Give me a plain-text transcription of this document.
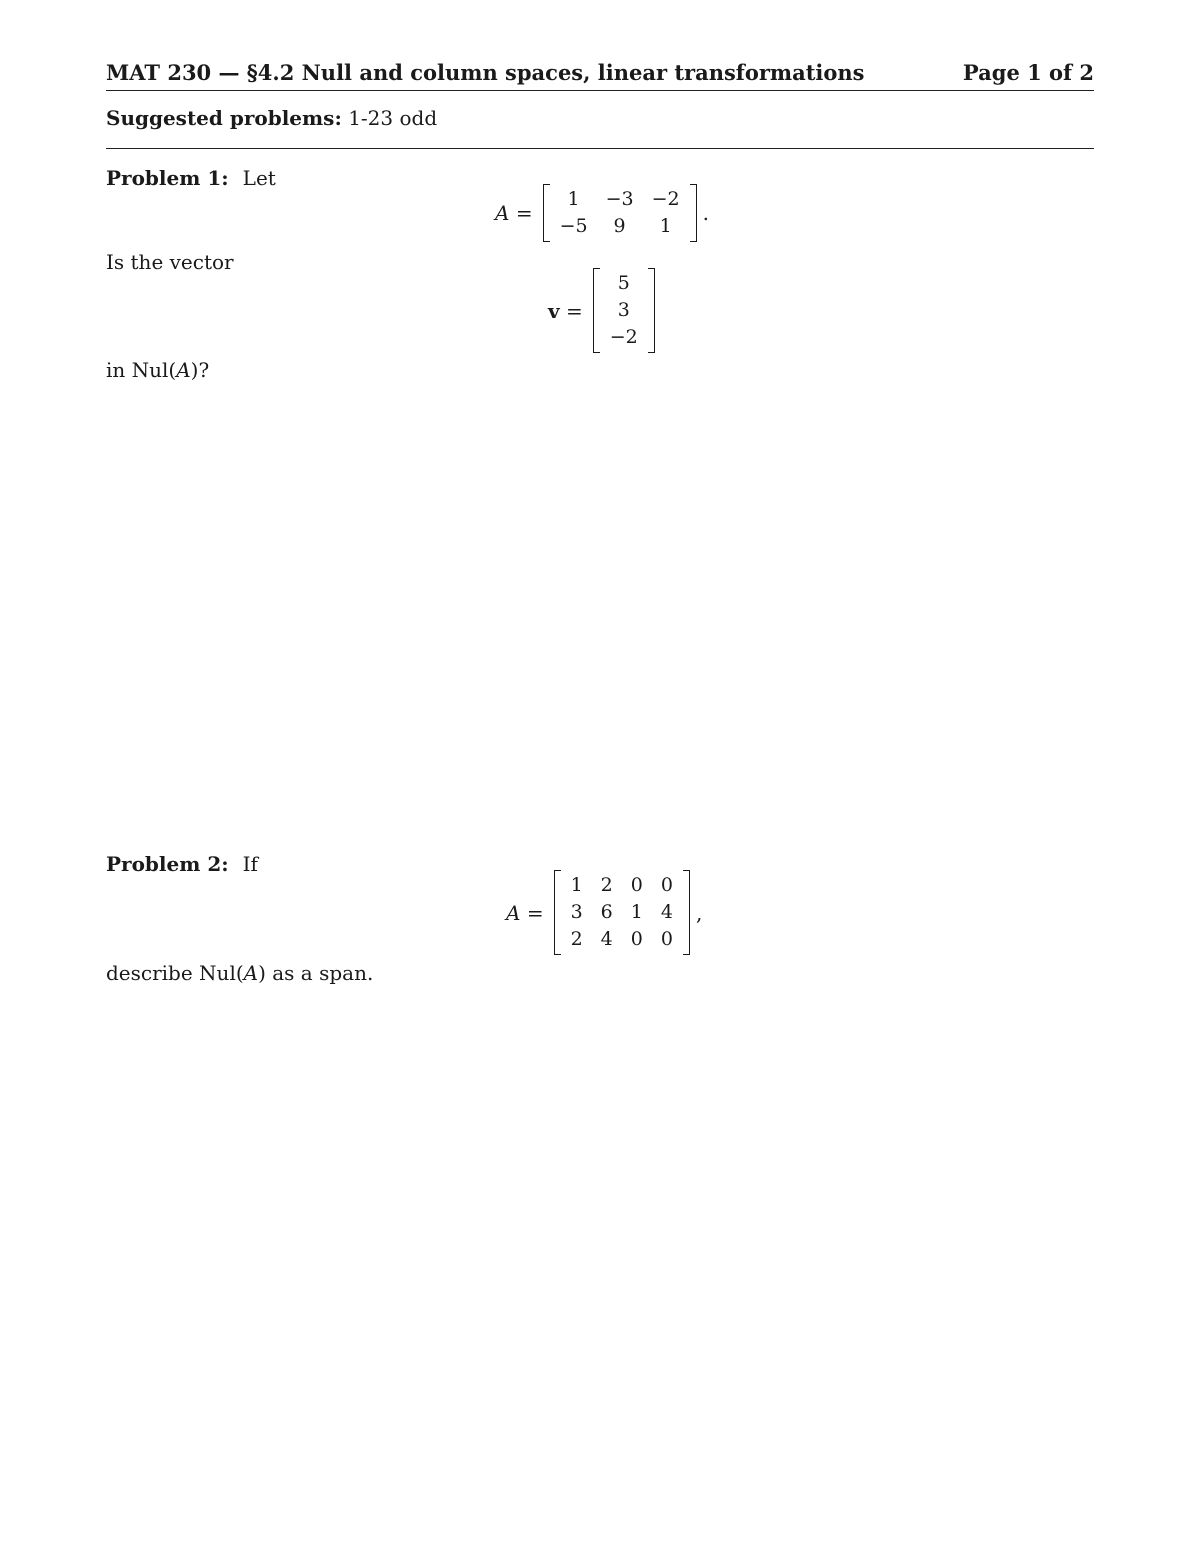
MAT 230 — §4.2 Null and column spaces, linear transformations	Page 1 of 2
Suggested problems: 1-23 odd
Problem 1: Let
A =
1	−3	−2
−5	9	1
.
Is the vector
v =
5
3
−2
in Nul(A)?
Problem 2: If
A =
1	2	0	0
3	6	1	4
2	4	0	0
,
describe Nul(A) as a span.
